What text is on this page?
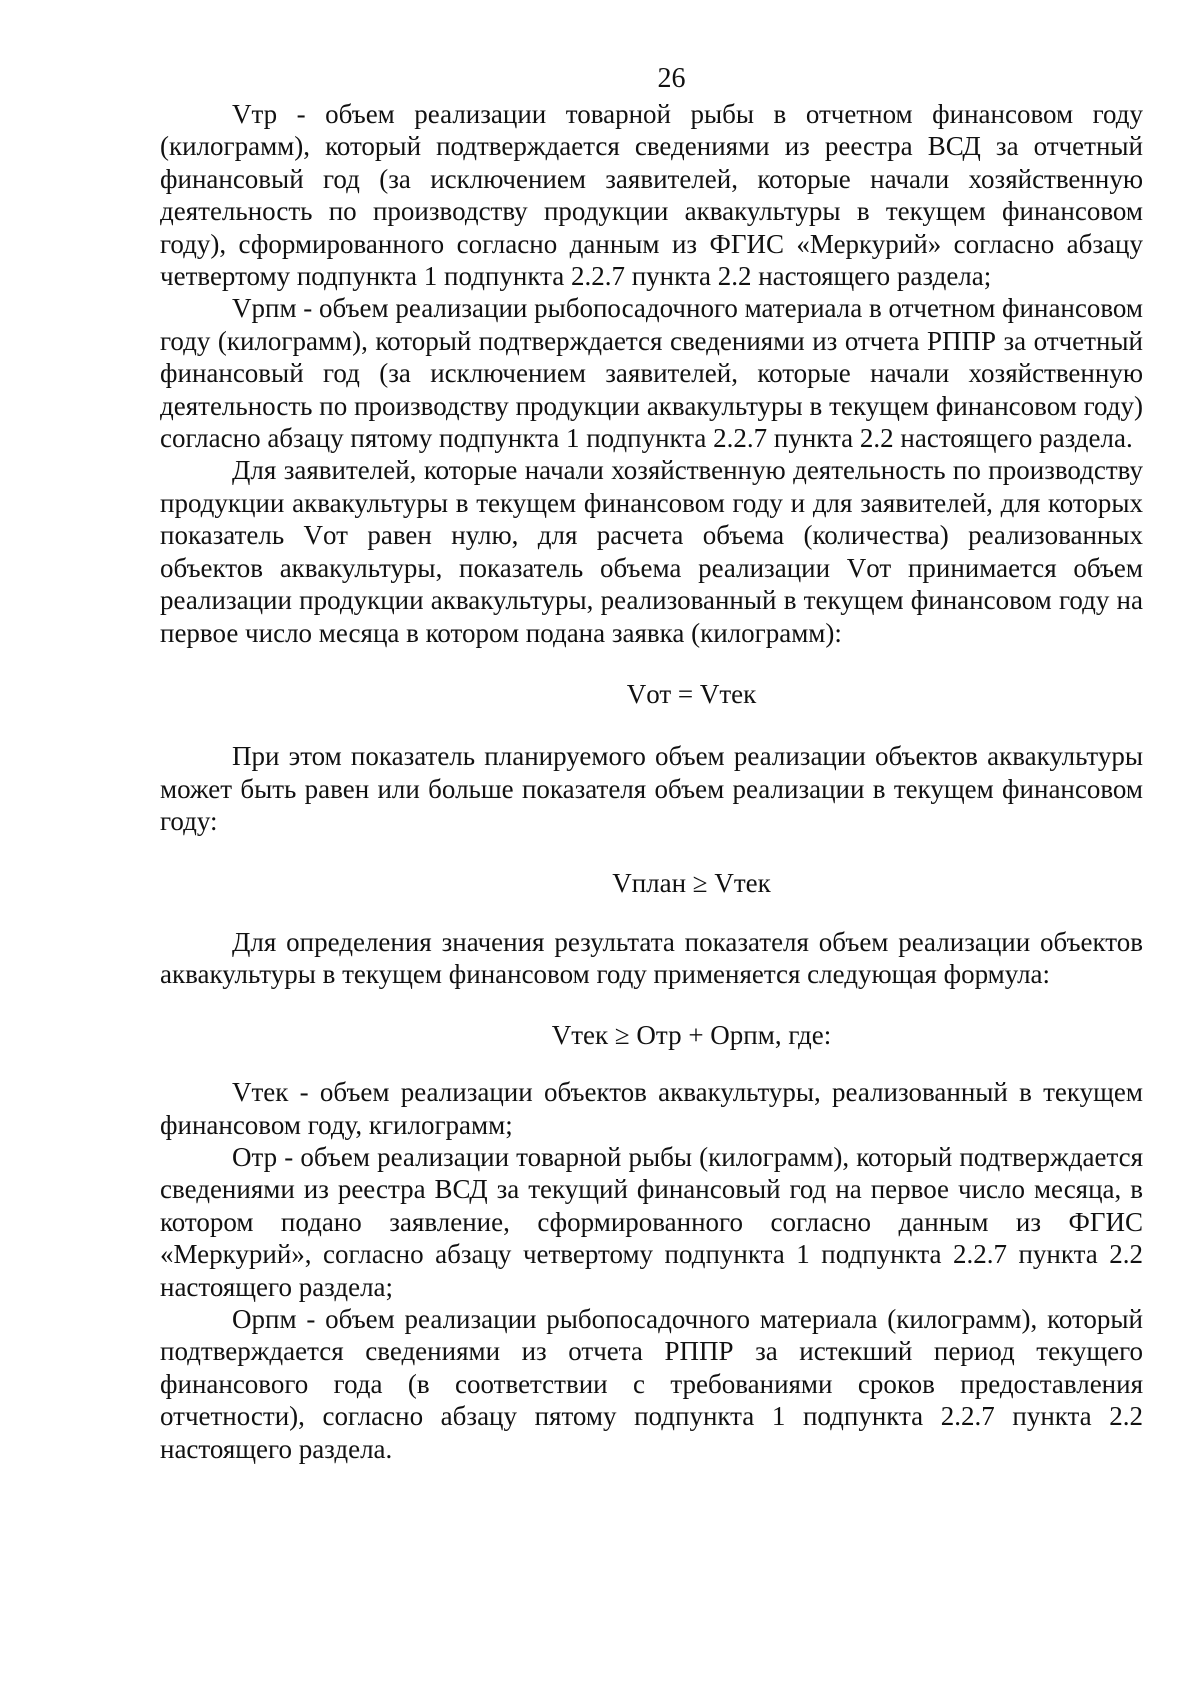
26

Vтр - объем реализации товарной рыбы в отчетном финансовом году (килограмм), который подтверждается сведениями из реестра ВСД за отчетный финансовый год (за исключением заявителей, которые начали хозяйственную деятельность по производству продукции аквакультуры в текущем финансовом году), сформированного согласно данным из ФГИС «Меркурий» согласно абзацу четвертому подпункта 1 подпункта 2.2.7 пункта 2.2 настоящего раздела;

Vрпм - объем реализации рыбопосадочного материала в отчетном финансовом году (килограмм), который подтверждается сведениями из отчета РППР за отчетный финансовый год (за исключением заявителей, которые начали хозяйственную деятельность по производству продукции аквакультуры в текущем финансовом году) согласно абзацу пятому подпункта 1 подпункта 2.2.7 пункта 2.2 настоящего раздела.

Для заявителей, которые начали хозяйственную деятельность по производству продукции аквакультуры в текущем финансовом году и для заявителей, для которых показатель Vот равен нулю, для расчета объема (количества) реализованных объектов аквакультуры, показатель объема реализации Vот принимается объем реализации продукции аквакультуры, реализованный в текущем финансовом году на первое число месяца в котором подана заявка (килограмм):

Vот = Vтек

При этом показатель планируемого объем реализации объектов аквакультуры может быть равен или больше показателя объем реализации в текущем финансовом году:

Vплан ≥ Vтек

Для определения значения результата показателя объем реализации объектов аквакультуры в текущем финансовом году применяется следующая формула:

Vтек ≥ Oтр + Oрпм, где:

Vтек - объем реализации объектов аквакультуры, реализованный в текущем финансовом году, кгилограмм;

Oтр - объем реализации товарной рыбы (килограмм), который подтверждается сведениями из реестра ВСД за текущий финансовый год на первое число месяца, в котором подано заявление, сформированного согласно данным из ФГИС «Меркурий», согласно абзацу четвертому подпункта 1 подпункта 2.2.7 пункта 2.2 настоящего раздела;

Oрпм - объем реализации рыбопосадочного материала (килограмм), который подтверждается сведениями из отчета РППР за истекший период текущего финансового года (в соответствии с требованиями сроков предоставления отчетности), согласно абзацу пятому подпункта 1 подпункта 2.2.7 пункта 2.2 настоящего раздела.
